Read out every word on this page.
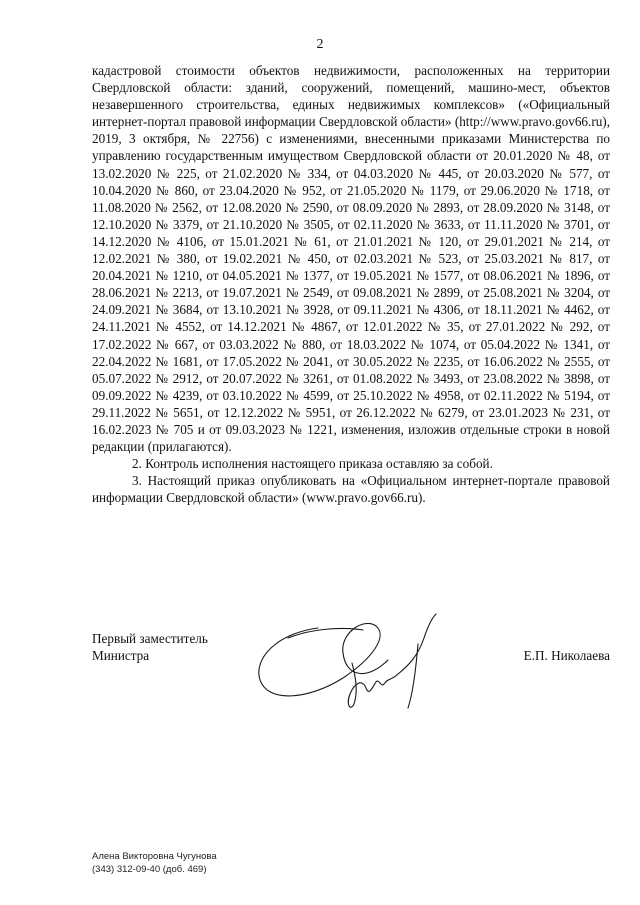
2

кадастровой стоимости объектов недвижимости, расположенных на территории Свердловской области: зданий, сооружений, помещений, машино-мест, объектов незавершенного строительства, единых недвижимых комплексов» («Официальный интернет-портал правовой информации Свердловской области» (http://www.pravo.gov66.ru), 2019, 3 октября, № 22756) с изменениями, внесенными приказами Министерства по управлению государственным имуществом Свердловской области от 20.01.2020 № 48, от 13.02.2020 № 225, от 21.02.2020 № 334, от 04.03.2020 № 445, от 20.03.2020 № 577, от 10.04.2020 № 860, от 23.04.2020 № 952, от 21.05.2020 № 1179, от 29.06.2020 № 1718, от 11.08.2020 № 2562, от 12.08.2020 № 2590, от 08.09.2020 № 2893, от 28.09.2020 № 3148, от 12.10.2020 № 3379, от 21.10.2020 № 3505, от 02.11.2020 № 3633, от 11.11.2020 № 3701, от 14.12.2020 № 4106, от 15.01.2021 № 61, от 21.01.2021 № 120, от 29.01.2021 № 214, от 12.02.2021 № 380, от 19.02.2021 № 450, от 02.03.2021 № 523, от 25.03.2021 № 817, от 20.04.2021 № 1210, от 04.05.2021 № 1377, от 19.05.2021 № 1577, от 08.06.2021 № 1896, от 28.06.2021 № 2213, от 19.07.2021 № 2549, от 09.08.2021 № 2899, от 25.08.2021 № 3204, от 24.09.2021 № 3684, от 13.10.2021 № 3928, от 09.11.2021 № 4306, от 18.11.2021 № 4462, от 24.11.2021 № 4552, от 14.12.2021 № 4867, от 12.01.2022 № 35, от 27.01.2022 № 292, от 17.02.2022 № 667, от 03.03.2022 № 880, от 18.03.2022 № 1074, от 05.04.2022 № 1341, от 22.04.2022 № 1681, от 17.05.2022 № 2041, от 30.05.2022 № 2235, от 16.06.2022 № 2555, от 05.07.2022 № 2912, от 20.07.2022 № 3261, от 01.08.2022 № 3493, от 23.08.2022 № 3898, от 09.09.2022 № 4239, от 03.10.2022 № 4599, от 25.10.2022 № 4958, от 02.11.2022 № 5194, от 29.11.2022 № 5651, от 12.12.2022 № 5951, от 26.12.2022 № 6279, от 23.01.2023 № 231, от 16.02.2023 № 705 и от 09.03.2023 № 1221, изменения, изложив отдельные строки в новой редакции (прилагаются).

2. Контроль исполнения настоящего приказа оставляю за собой.

3. Настоящий приказ опубликовать на «Официальном интернет-портале правовой информации Свердловской области» (www.pravo.gov66.ru).

Первый заместитель
Министра	Е.П. Николаева
Алена Викторовна Чугунова
(343) 312-09-40 (доб. 469)
